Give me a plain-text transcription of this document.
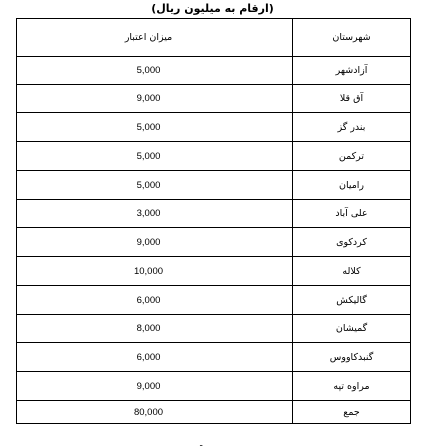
(ارقام به میلیون ریال)
شهرستان	میزان اعتبار
آزادشهر	5,000
آق قلا	9,000
بندر گز	5,000
ترکمن	5,000
رامیان	5,000
علی آباد	3,000
کردکوی	9,000
کلاله	10,000
گالیکش	6,000
گمیشان	8,000
گنبدکاووس	6,000
مراوه تپه	9,000
جمع	80,000
ـ
